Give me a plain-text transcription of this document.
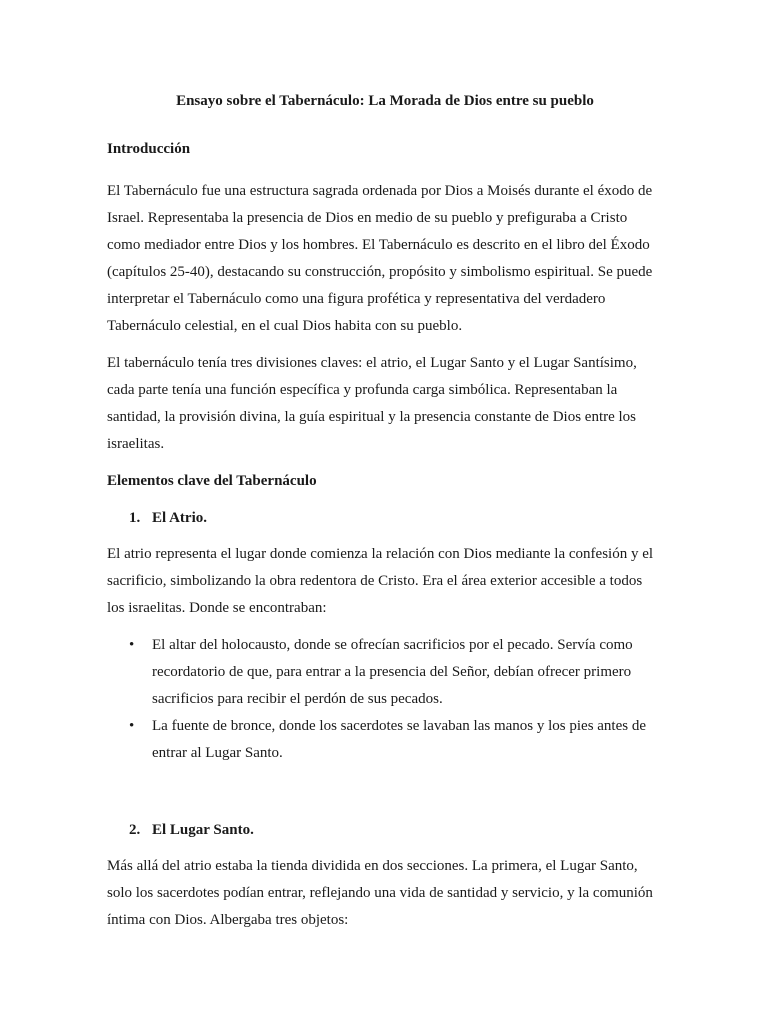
Ensayo sobre el Tabernáculo: La Morada de Dios entre su pueblo

Introducción

El Tabernáculo fue una estructura sagrada ordenada por Dios a Moisés durante el éxodo de Israel. Representaba la presencia de Dios en medio de su pueblo y prefiguraba a Cristo como mediador entre Dios y los hombres. El Tabernáculo es descrito en el libro del Éxodo (capítulos 25-40), destacando su construcción, propósito y simbolismo espiritual. Se puede interpretar el Tabernáculo como una figura profética y representativa del verdadero Tabernáculo celestial, en el cual Dios habita con su pueblo.

El tabernáculo tenía tres divisiones claves: el atrio, el Lugar Santo y el Lugar Santísimo, cada parte tenía una función específica y profunda carga simbólica. Representaban la santidad, la provisión divina, la guía espiritual y la presencia constante de Dios entre los israelitas.

Elementos clave del Tabernáculo

1. El Atrio.

El atrio representa el lugar donde comienza la relación con Dios mediante la confesión y el sacrificio, simbolizando la obra redentora de Cristo. Era el área exterior accesible a todos los israelitas. Donde se encontraban:

• El altar del holocausto, donde se ofrecían sacrificios por el pecado. Servía como recordatorio de que, para entrar a la presencia del Señor, debían ofrecer primero sacrificios para recibir el perdón de sus pecados.
• La fuente de bronce, donde los sacerdotes se lavaban las manos y los pies antes de entrar al Lugar Santo.

2. El Lugar Santo.

Más allá del atrio estaba la tienda dividida en dos secciones. La primera, el Lugar Santo, solo los sacerdotes podían entrar, reflejando una vida de santidad y servicio, y la comunión íntima con Dios. Albergaba tres objetos:
